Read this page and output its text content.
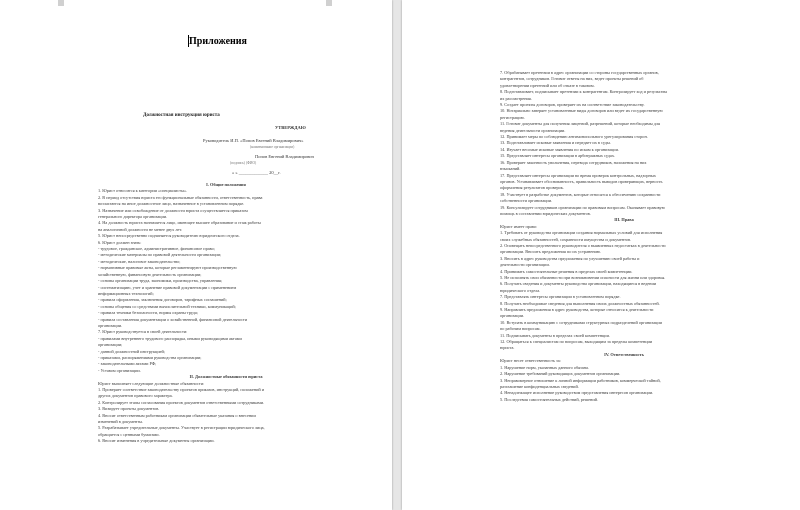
Приложения
Должностная инструкция юриста
УТВЕРЖДАЮ
Руководитель И.П. «Попов Евгений Владимирович»
(наименование организации)
Попов Евгений Владимирович
(подпись) (ФИО)
« » _____________ 20__г.
I. Общие положения
1. Юрист относится к категории «специалисты».
2. В период отсутствия юриста его функциональные обязанности, ответственность, права
возлагаются на иное должностное лицо, назначенное в установленном порядке.
3. Назначение или освобождение от должности юриста осуществляется приказом
генерального директора организации.
4. На должность юриста назначается лицо, имеющее высшее образование и стаж работы
на аналогичной должности не менее двух лет.
5. Юрист непосредственно подчиняется руководителю юридического отдела.
6. Юрист должен знать:
- трудовое, гражданское, административное, финансовое право;
- методические материалы по правовой деятельности организации;
- методические, налоговое законодательство;
- нормативные правовые акты, которые регламентируют производственную
хозяйственную, финансовую деятельность организации;
- основы организации труда, экономики, производства, управления;
- систематизацию, учет и хранение правовой документации с применением
информационных технологий;
- правила оформления, заключения договоров, тарифных соглашений;
- основы общения со средствами вычислительной техники, коммуникаций;
- правила техники безопасности, нормы охраны труда;
- правила составления документации о хозяйственной, финансовой деятельности
организации.
7. Юрист руководствуется в своей деятельности:
- правилами внутреннего трудового распорядка, иными руководящими актами
организации;
- данной должностной инструкцией;
- приказами, распоряжениями руководства организации;
- законодательными актами РФ;
- Уставом организации.
II. Должностные обязанности юриста
Юрист выполняет следующие должностные обязанности:
1. Проверяет соответствие законодательству проектов приказов, инструкций, положений и
других документов правового характера.
2. Контролирует этапы согласования проектов документов ответственными сотрудниками.
3. Визирует проекты документов.
4. Вносит ответственным работникам организации обязательные указания о внесении
изменений в документы.
5. Разрабатывает учредительные документы. Участвует в регистрации юридического лица,
обращается с ценными бумагами.
6. Вносит изменения в учредительные документы организации.
7. Обрабатывает претензии в адрес организации со стороны государственных органов,
контрагентов, сотрудников. Готовит ответы на них, ведет проекты решений об
удовлетворении претензий или об отказе в таковом.
8. Подготавливает, подписывает претензии к контрагентам. Контролирует ход и результаты
их рассмотрения.
9. Создает проекты договоров, проверяет их на соответствие законодательству.
10. Нотариально заверяет установленные виды договоров или ведет их государственную
регистрацию.
11. Готовит документы для получения лицензий, разрешений, которые необходимы для
ведения деятельности организации.
12. Принимает меры по соблюдению антимонопольного урегулирования сторон.
13. Подготавливает исковые заявления и передает их в суды.
14. Изучает весомые исковые заявления по искам к организации.
15. Представляет интересы организации в арбитражных судах.
16. Проверяет законность увольнения, перевода сотрудников, наложения на них
взысканий.
17. Представляет интересы организации во время проверок контрольных, надзорных
органов. Устанавливает обоснованность, правильность выводов проверяющих, верность
оформления результатов проверок.
18. Участвует в разработке документов, которые относятся к обеспечению сохранности
собственности организации.
19. Консультирует сотрудников организации по правовым вопросам. Оказывает правовую
помощь в составлении юридических документов.
III. Права
Юрист имеет право:
1. Требовать от руководства организации создания нормальных условий для исполнения
своих служебных обязанностей, сохранности имущества и документов.
2. Оповещать непосредственного руководителя о выявленных недостатках в деятельности
организации. Вносить предложения по их устранению.
3. Вносить в адрес руководства предложения по улучшению своей работы и
деятельности организации.
4. Принимать самостоятельные решения в пределах своей компетенции.
5. Не исполнять свои обязанности при возникновении опасности для жизни или здоровья.
6. Получать сведения и документы руководства организации, находящиеся в ведении
юридического отдела.
7. Представлять интересы организации в установленном порядке.
8. Получать необходимые сведения для выполнения своих должностных обязанностей.
9. Направлять предложения в адрес руководства, которые относятся к деятельности
организации.
10. Вступать в коммуникацию с сотрудниками структурных подразделений организации
по рабочим вопросам.
11. Подписывать документы в пределах своей компетенции.
12. Обращаться к специалистам по вопросам, выходящим за пределы компетенции
юриста.
IV. Ответственность
Юрист несет ответственность за:
1. Нарушение норм, указанных данного обязана.
2. Нарушение требований руководящих документов организации.
3. Неправомерное отношение к личной информации работников, коммерческой тайной,
разглашение конфиденциальных сведений.
4. Ненадлежащее исполнение руководством представления интересов организации.
5. Последствия самостоятельных действий, решений.
